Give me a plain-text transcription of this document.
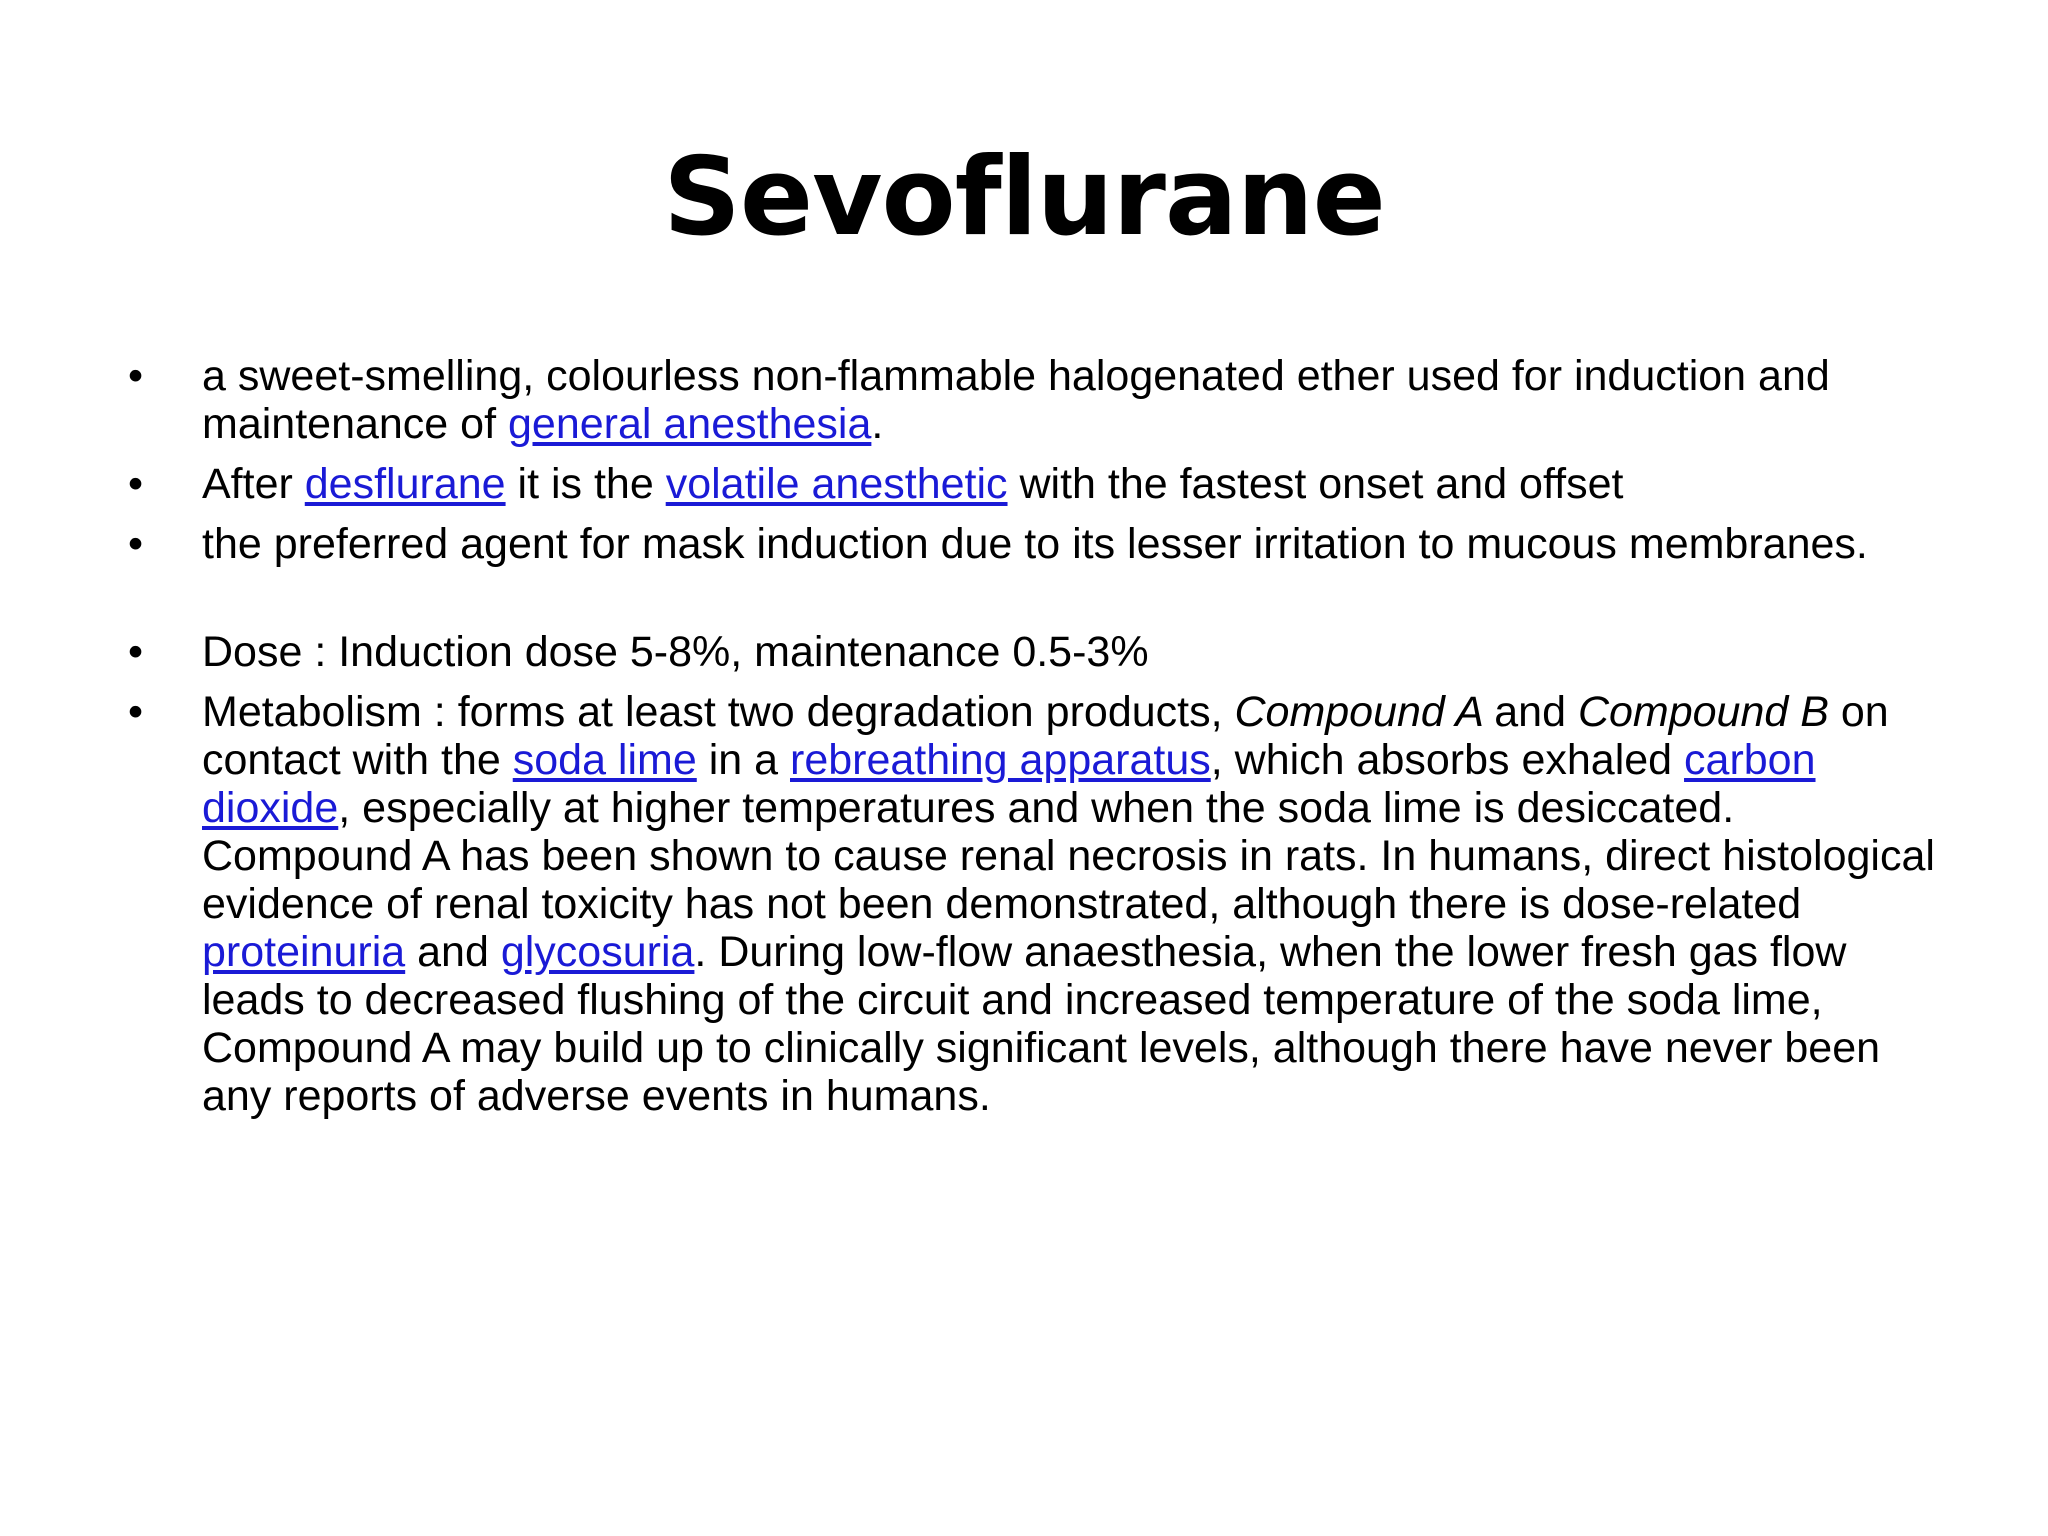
Sevoflurane
•	a sweet-smelling, colourless non-flammable halogenated ether used for induction and maintenance of general anesthesia.
•	After desflurane it is the volatile anesthetic with the fastest onset and offset
•	the preferred agent for mask induction due to its lesser irritation to mucous membranes.
•	Dose : Induction dose 5-8%, maintenance 0.5-3%
•	Metabolism : forms at least two degradation products, Compound A and Compound B on contact with the soda lime in a rebreathing apparatus, which absorbs exhaled carbon dioxide, especially at higher temperatures and when the soda lime is desiccated. Compound A has been shown to cause renal necrosis in rats. In humans, direct histological evidence of renal toxicity has not been demonstrated, although there is dose-related proteinuria and glycosuria. During low-flow anaesthesia, when the lower fresh gas flow leads to decreased flushing of the circuit and increased temperature of the soda lime, Compound A may build up to clinically significant levels, although there have never been any reports of adverse events in humans.
